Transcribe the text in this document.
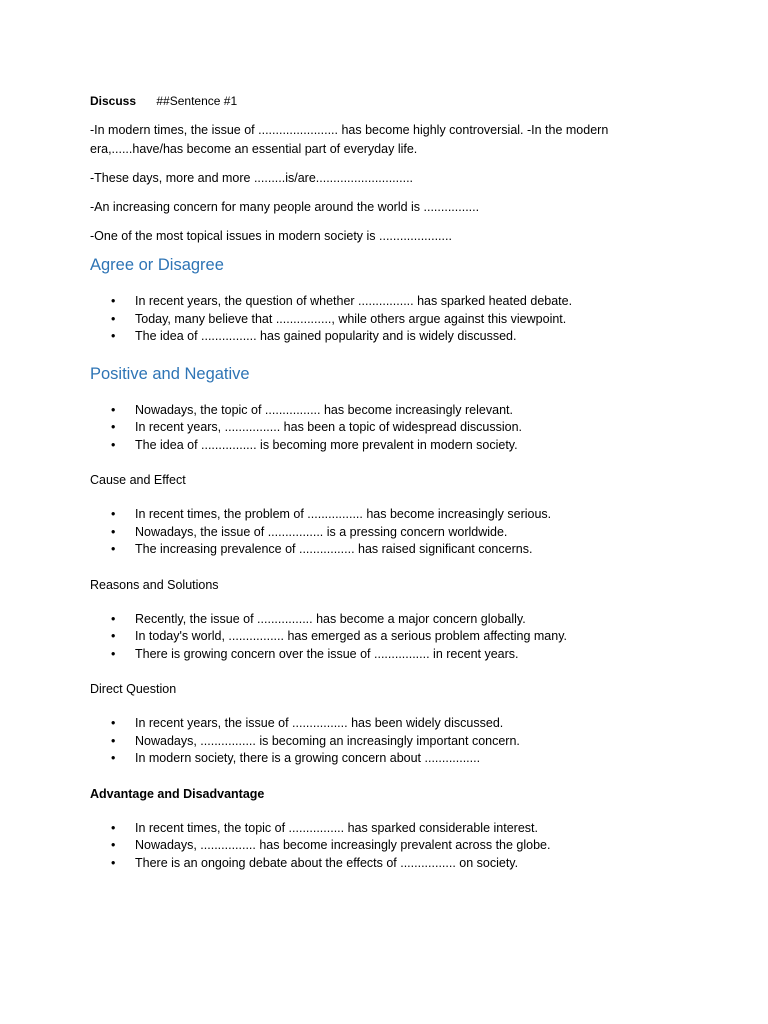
Discuss ##Sentence #1

-In modern times, the issue of ....................... has become highly controversial. -In the modern era,......have/has become an essential part of everyday life.

-These days, more and more .........is/are............................

-An increasing concern for many people around the world is ................

-One of the most topical issues in modern society is .....................

Agree or Disagree
• In recent years, the question of whether ................ has sparked heated debate.
• Today, many believe that ................, while others argue against this viewpoint.
• The idea of ................ has gained popularity and is widely discussed.
Positive and Negative
• Nowadays, the topic of ................ has become increasingly relevant.
• In recent years, ................ has been a topic of widespread discussion.
• The idea of ................ is becoming more prevalent in modern society.
Cause and Effect
• In recent times, the problem of ................ has become increasingly serious.
• Nowadays, the issue of ................ is a pressing concern worldwide.
• The increasing prevalence of ................ has raised significant concerns.
Reasons and Solutions
• Recently, the issue of ................ has become a major concern globally.
• In today's world, ................ has emerged as a serious problem affecting many.
• There is growing concern over the issue of ................ in recent years.
Direct Question
• In recent years, the issue of ................ has been widely discussed.
• Nowadays, ................ is becoming an increasingly important concern.
• In modern society, there is a growing concern about ................
Advantage and Disadvantage
• In recent times, the topic of ................ has sparked considerable interest.
• Nowadays, ................ has become increasingly prevalent across the globe.
• There is an ongoing debate about the effects of ................ on society.
